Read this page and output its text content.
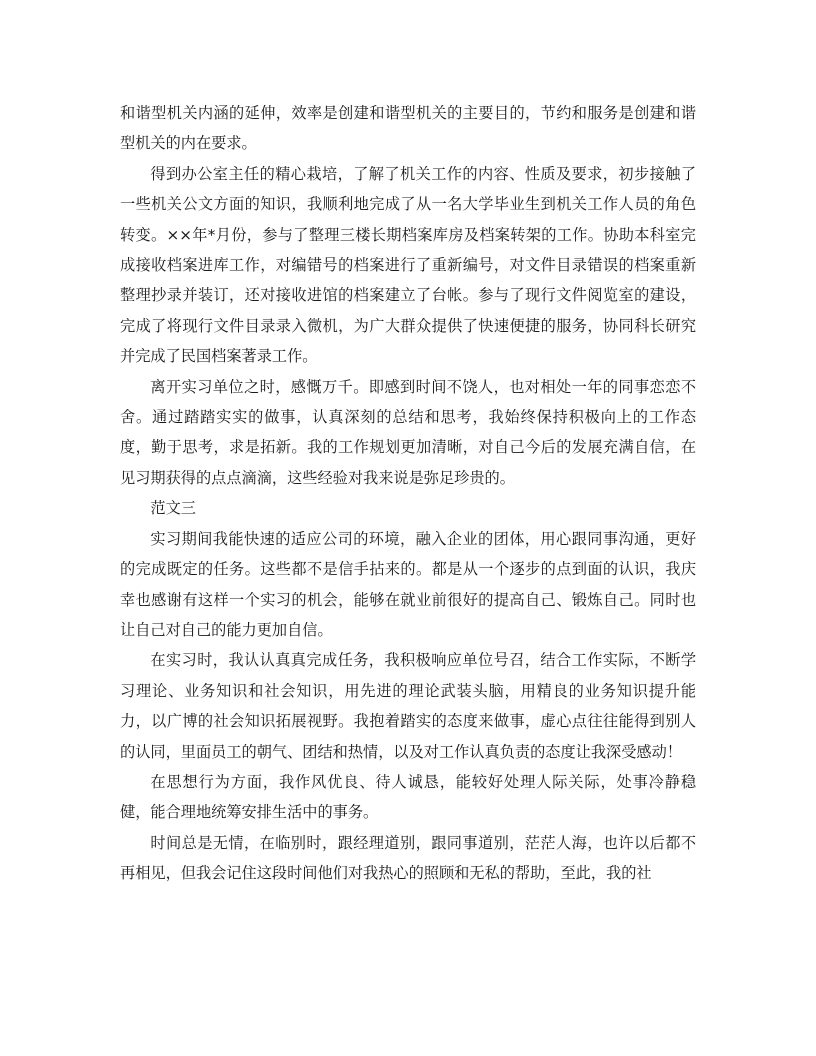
和谐型机关内涵的延伸，效率是创建和谐型机关的主要目的，节约和服务是创建和谐型机关的内在要求。

得到办公室主任的精心栽培，了解了机关工作的内容、性质及要求，初步接触了一些机关公文方面的知识，我顺利地完成了从一名大学毕业生到机关工作人员的角色转变。××年*月份，参与了整理三楼长期档案库房及档案转架的工作。协助本科室完成接收档案进库工作，对编错号的档案进行了重新编号，对文件目录错误的档案重新整理抄录并装订，还对接收进馆的档案建立了台帐。参与了现行文件阅览室的建设，完成了将现行文件目录录入微机，为广大群众提供了快速便捷的服务，协同科长研究并完成了民国档案著录工作。

离开实习单位之时，感慨万千。即感到时间不饶人，也对相处一年的同事恋恋不舍。通过踏踏实实的做事，认真深刻的总结和思考，我始终保持积极向上的工作态度，勤于思考，求是拓新。我的工作规划更加清晰，对自己今后的发展充满自信，在见习期获得的点点滴滴，这些经验对我来说是弥足珍贵的。

范文三

实习期间我能快速的适应公司的环境，融入企业的团体，用心跟同事沟通，更好的完成既定的任务。这些都不是信手拈来的。都是从一个逐步的点到面的认识，我庆幸也感谢有这样一个实习的机会，能够在就业前很好的提高自己、锻炼自己。同时也让自己对自己的能力更加自信。

在实习时，我认认真真完成任务，我积极响应单位号召，结合工作实际，不断学习理论、业务知识和社会知识，用先进的理论武装头脑，用精良的业务知识提升能力，以广博的社会知识拓展视野。我抱着踏实的态度来做事，虚心点往往能得到别人的认同，里面员工的朝气、团结和热情，以及对工作认真负责的态度让我深受感动！

在思想行为方面，我作风优良、待人诚恳，能较好处理人际关际，处事冷静稳健，能合理地统筹安排生活中的事务。

时间总是无情，在临别时，跟经理道别，跟同事道别，茫茫人海，也许以后都不再相见，但我会记住这段时间他们对我热心的照顾和无私的帮助，至此，我的社
